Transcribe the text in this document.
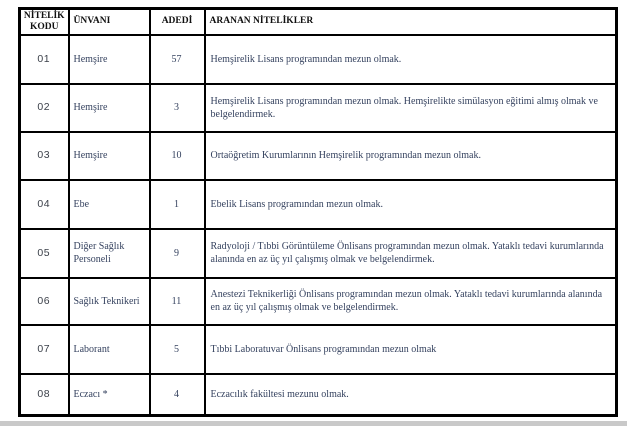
NİTELİK KODU	ÜNVANI	ADEDİ	ARANAN NİTELİKLER
01	Hemşire	57	Hemşirelik Lisans programından mezun olmak.
02	Hemşire	3	Hemşirelik Lisans programından mezun olmak. Hemşirelikte simülasyon eğitimi almış olmak ve belgelendirmek.
03	Hemşire	10	Ortaöğretim Kurumlarının Hemşirelik programından mezun olmak.
04	Ebe	1	Ebelik Lisans programından mezun olmak.
05	Diğer Sağlık Personeli	9	Radyoloji / Tıbbi Görüntüleme Önlisans programından mezun olmak. Yataklı tedavi kurumlarında alanında en az üç yıl çalışmış olmak ve belgelendirmek.
06	Sağlık Teknikeri	11	Anestezi Teknikerliği Önlisans programından mezun olmak. Yataklı tedavi kurumlarında alanında en az üç yıl çalışmış olmak ve belgelendirmek.
07	Laborant	5	Tıbbi Laboratuvar Önlisans programından mezun olmak
08	Eczacı *	4	Eczacılık fakültesi mezunu olmak.
